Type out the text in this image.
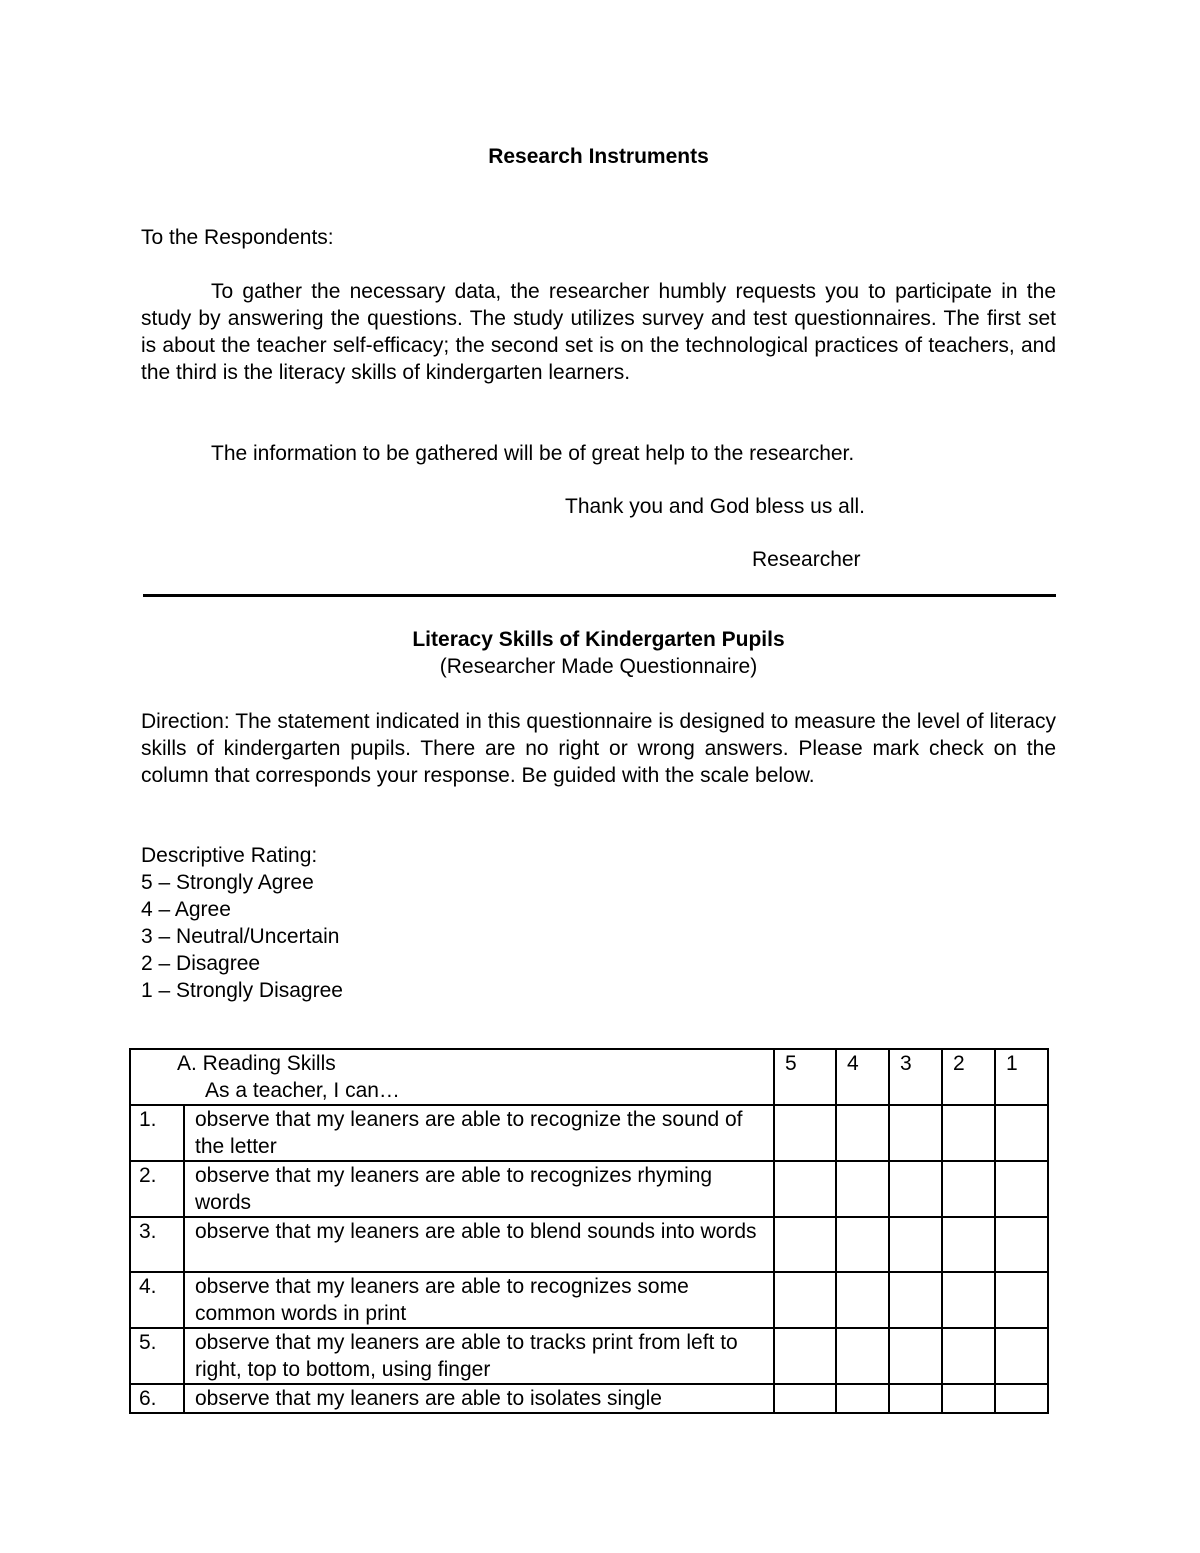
Research Instruments
To the Respondents:
To gather the necessary data, the researcher humbly requests you to participate in the study by answering the questions. The study utilizes survey and test questionnaires. The first set is about the teacher self-efficacy; the second set is on the technological practices of teachers, and the third is the literacy skills of kindergarten learners.
The information to be gathered will be of great help to the researcher.
Thank you and God bless us all.
Researcher
Literacy Skills of Kindergarten Pupils
(Researcher Made Questionnaire)
Direction: The statement indicated in this questionnaire is designed to measure the level of literacy skills of kindergarten pupils. There are no right or wrong answers. Please mark check on the column that corresponds your response. Be guided with the scale below.
Descriptive Rating:
5 – Strongly Agree
4 – Agree
3 – Neutral/Uncertain
2 – Disagree
1 – Strongly Disagree
A. Reading Skills
As a teacher, I can…		5	4	3	2	1
1.	observe that my leaners are able to recognize the sound of the letter					
2.	observe that my leaners are able to recognizes rhyming words					
3.	observe that my leaners are able to blend sounds into words					
4.	observe that my leaners are able to recognizes some common words in print					
5.	observe that my leaners are able to tracks print from left to right, top to bottom, using finger					
6.	observe that my leaners are able to isolates single					
